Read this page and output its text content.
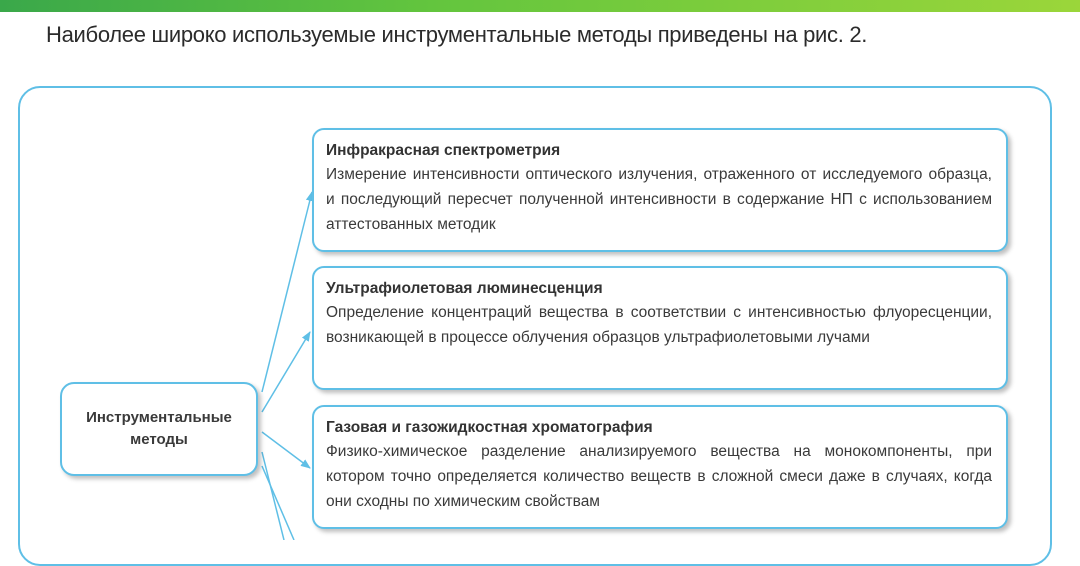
Наиболее широко используемые инструментальные методы приведены на рис. 2.
Инструментальные методы
Инфракрасная спектрометрия
Измерение интенсивности оптического излучения, отраженного от исследуемого образца, и последующий пересчет полученной интенсивности в содержание НП с использованием аттестованных методик
Ультрафиолетовая люминесценция
Определение концентраций вещества в соответствии с интенсивностью флуоресценции, возникающей в процессе облучения образцов ультрафиолетовыми лучами
Газовая и газожидкостная хроматография
Физико-химическое разделение анализируемого вещества на монокомпоненты, при котором точно определяется количество веществ в сложной смеси даже в случаях, когда они сходны по химическим свойствам
